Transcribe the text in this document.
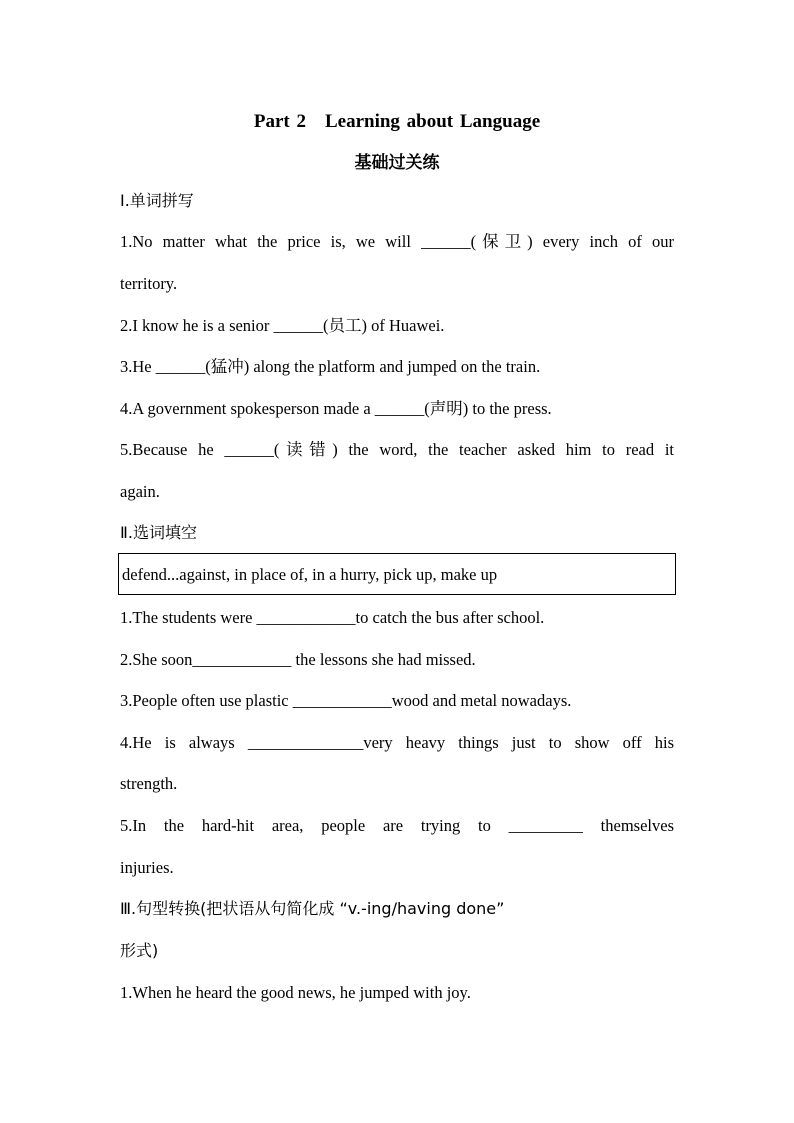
Part 2　Learning about Language
基础过关练
Ⅰ.单词拼写
1.No matter what the price is, we will ______(保卫) every inch of our
territory.
2.I know he is a senior ______(员工) of Huawei.
3.He ______(猛冲) along the platform and jumped on the train.
4.A government spokesperson made a ______(声明) to the press.
5.Because he ______(读错) the word, the teacher asked him to read it
again.
Ⅱ.选词填空
defend...against, in place of, in a hurry, pick up, make up
1.The students were ____________to catch the bus after school.
2.She soon____________ the lessons she had missed.
3.People often use plastic ____________wood and metal nowadays.
4.He is always ______________very heavy things just to show off his
strength.
5.In the hard-hit area, people are trying to _________ themselves
injuries.
Ⅲ.句型转换(把状语从句简化成 “v.-ing/having done”
形式)
1.When he heard the good news, he jumped with joy.
